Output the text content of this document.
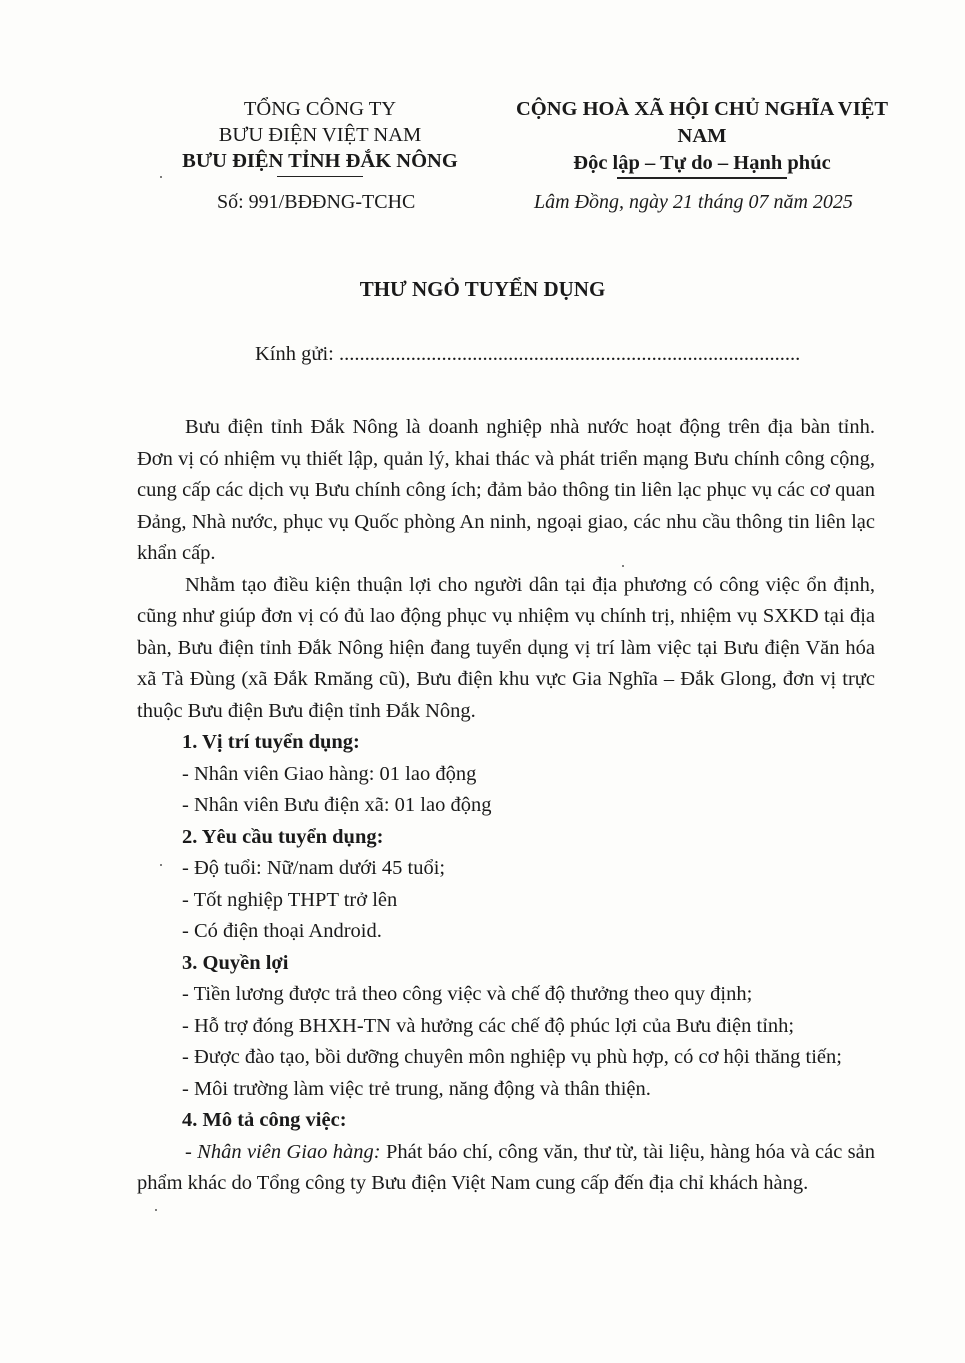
TỔNG CÔNG TY
BƯU ĐIỆN VIỆT NAM
BƯU ĐIỆN TỈNH ĐẮK NÔNG
CỘNG HOÀ XÃ HỘI CHỦ NGHĨA VIỆT NAM
Độc lập – Tự do – Hạnh phúc
Số: 991/BĐĐNG-TCHC	Lâm Đồng, ngày 21 tháng 07 năm 2025
THƯ NGỎ TUYỂN DỤNG
Kính gửi: ..........................................................................................

Bưu điện tỉnh Đắk Nông là doanh nghiệp nhà nước hoạt động trên địa bàn tỉnh. Đơn vị có nhiệm vụ thiết lập, quản lý, khai thác và phát triển mạng Bưu chính công cộng, cung cấp các dịch vụ Bưu chính công ích; đảm bảo thông tin liên lạc phục vụ các cơ quan Đảng, Nhà nước, phục vụ Quốc phòng An ninh, ngoại giao, các nhu cầu thông tin liên lạc khẩn cấp.

Nhằm tạo điều kiện thuận lợi cho người dân tại địa phương có công việc ổn định, cũng như giúp đơn vị có đủ lao động phục vụ nhiệm vụ chính trị, nhiệm vụ SXKD tại địa bàn, Bưu điện tỉnh Đắk Nông hiện đang tuyển dụng vị trí làm việc tại Bưu điện Văn hóa xã Tà Đùng (xã Đắk Rmăng cũ), Bưu điện khu vực Gia Nghĩa – Đắk Glong, đơn vị trực thuộc Bưu điện Bưu điện tỉnh Đắk Nông.

1. Vị trí tuyển dụng:

- Nhân viên Giao hàng: 01 lao động

- Nhân viên Bưu điện xã: 01 lao động

2. Yêu cầu tuyển dụng:

- Độ tuổi: Nữ/nam dưới 45 tuổi;

- Tốt nghiệp THPT trở lên

- Có điện thoại Android.

3. Quyền lợi

- Tiền lương được trả theo công việc và chế độ thưởng theo quy định;

- Hỗ trợ đóng BHXH-TN và hưởng các chế độ phúc lợi của Bưu điện tỉnh;

- Được đào tạo, bồi dưỡng chuyên môn nghiệp vụ phù hợp, có cơ hội thăng tiến;

- Môi trường làm việc trẻ trung, năng động và thân thiện.

4. Mô tả công việc:

- Nhân viên Giao hàng: Phát báo chí, công văn, thư từ, tài liệu, hàng hóa và các sản phẩm khác do Tổng công ty Bưu điện Việt Nam cung cấp đến địa chỉ khách hàng.
